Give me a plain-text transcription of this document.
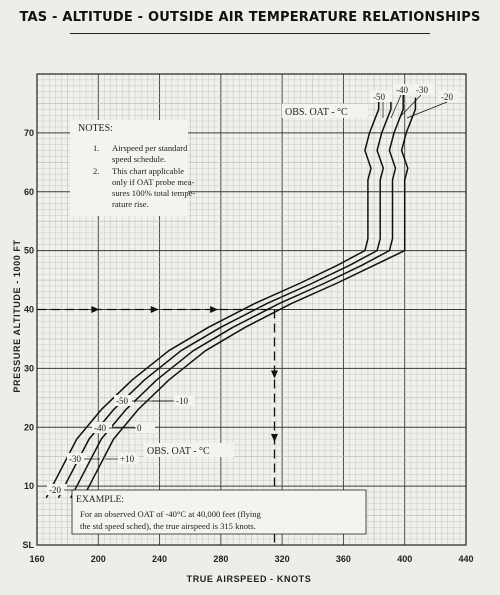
TAS - ALTITUDE - OUTSIDE AIR TEMPERATURE RELATIONSHIPS
160	200	240	280	320	360	400	440
SL
10
20
30
40
50
60
70	NOTES:
1. Airspeed per standard
speed schedule.
2. This chart applicable
only if OAT probe mea-
sures 100% total tempe-
rature rise.
OBS. OAT - °C
OBS. OAT - °C
EXAMPLE:
For an observed OAT of -40°C at 40,000 feet (flying
the std speed sched), the true airspeed is 315 knots.
TRUE AIRSPEED - KNOTS
PRESSURE ALTITUDE - 1000 FT
-50
-40 -30
-20
-50	-10
-40	0
-30	+10
-20
